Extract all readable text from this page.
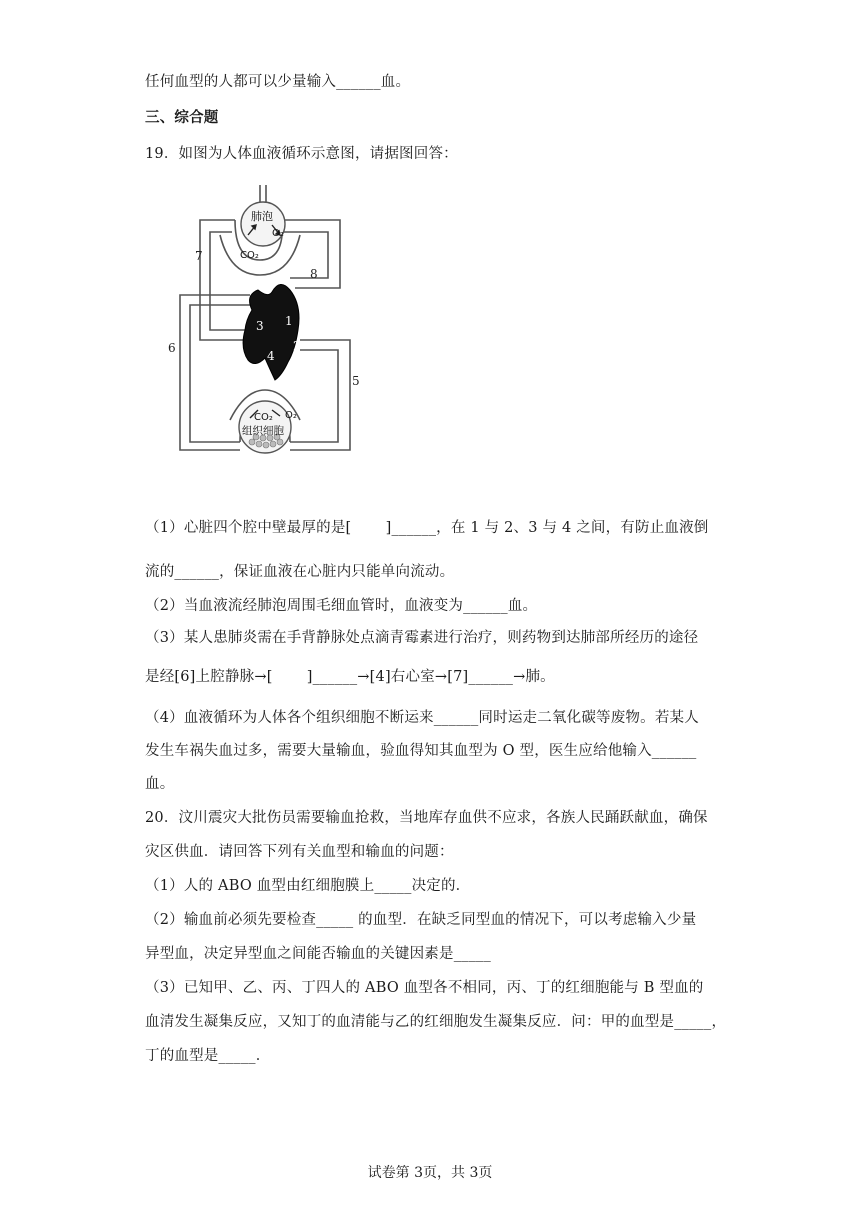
任何血型的人都可以少量输入______血。
三、综合题
19．如图为人体血液循环示意图，请据图回答：
肺泡
O₂
CO₂
O₂
CO₂
组织细胞
1
2
3
4
5
6
7
8
（1）心脏四个腔中壁最厚的是[　　 ]______，在 1 与 2、3 与 4 之间，有防止血液倒
流的______，保证血液在心脏内只能单向流动。
（2）当血液流经肺泡周围毛细血管时，血液变为______血。
（3）某人患肺炎需在手背静脉处点滴青霉素进行治疗，则药物到达肺部所经历的途径
是经[6]上腔静脉→[　　 ]______→[4]右心室→[7]______→肺。
（4）血液循环为人体各个组织细胞不断运来______同时运走二氧化碳等废物。若某人
发生车祸失血过多，需要大量输血，验血得知其血型为 O 型，医生应给他输入______
血。
20．汶川震灾大批伤员需要输血抢救，当地库存血供不应求，各族人民踊跃献血，确保
灾区供血．请回答下列有关血型和输血的问题：
（1）人的 ABO 血型由红细胞膜上_____决定的．
（2）输血前必须先要检查_____ 的血型．在缺乏同型血的情况下，可以考虑输入少量
异型血，决定异型血之间能否输血的关键因素是_____
（3）已知甲、乙、丙、丁四人的 ABO 血型各不相同，丙、丁的红细胞能与 B 型血的
血清发生凝集反应，又知丁的血清能与乙的红细胞发生凝集反应．问：甲的血型是_____，
丁的血型是_____．
试卷第 3页，共 3页
